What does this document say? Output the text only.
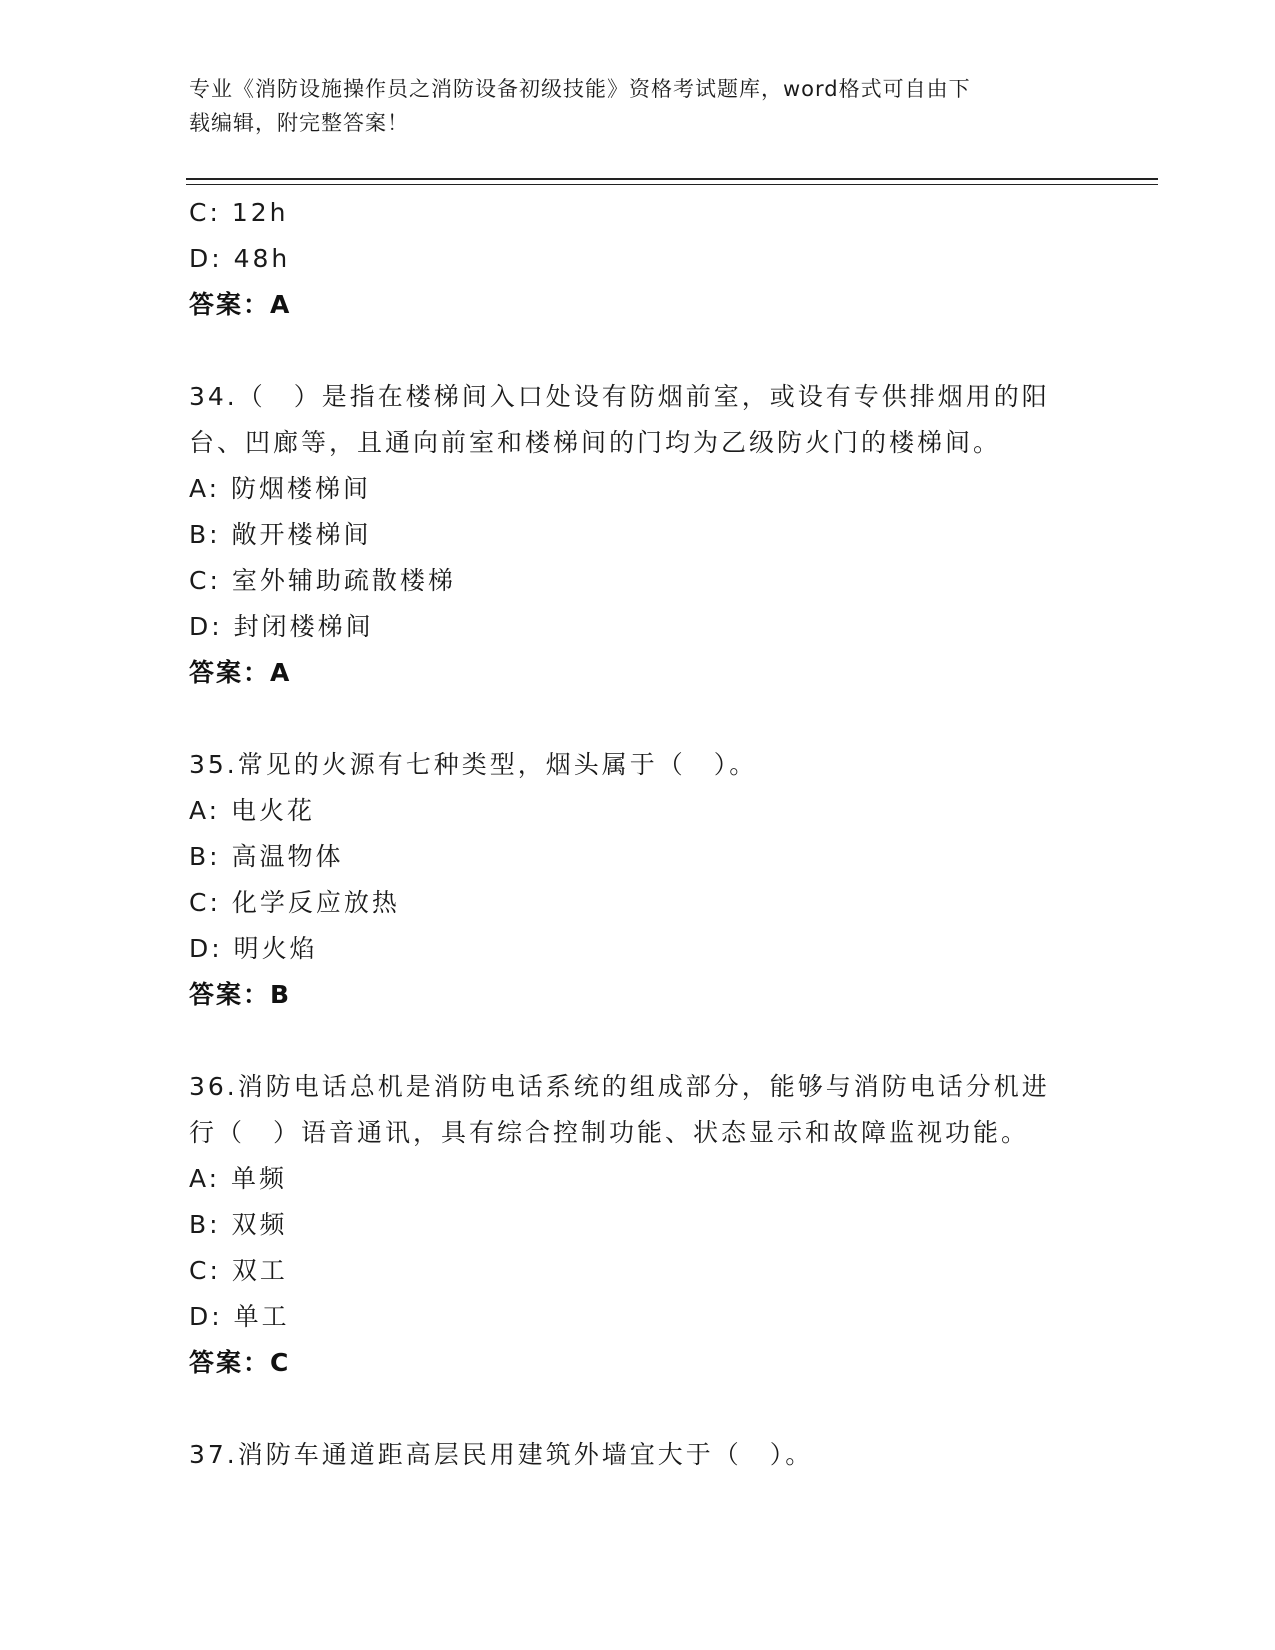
专业《消防设施操作员之消防设备初级技能》资格考试题库，word格式可自由下
载编辑，附完整答案！
C: 12h
D: 48h
答案：A
34.（　）是指在楼梯间入口处设有防烟前室，或设有专供排烟用的阳
台、凹廊等，且通向前室和楼梯间的门均为乙级防火门的楼梯间。
A: 防烟楼梯间
B: 敞开楼梯间
C: 室外辅助疏散楼梯
D: 封闭楼梯间
答案：A
35.常见的火源有七种类型，烟头属于（　）。
A: 电火花
B: 高温物体
C: 化学反应放热
D: 明火焰
答案：B
36.消防电话总机是消防电话系统的组成部分，能够与消防电话分机进
行（　）语音通讯，具有综合控制功能、状态显示和故障监视功能。
A: 单频
B: 双频
C: 双工
D: 单工
答案：C
37.消防车通道距高层民用建筑外墙宜大于（　）。
